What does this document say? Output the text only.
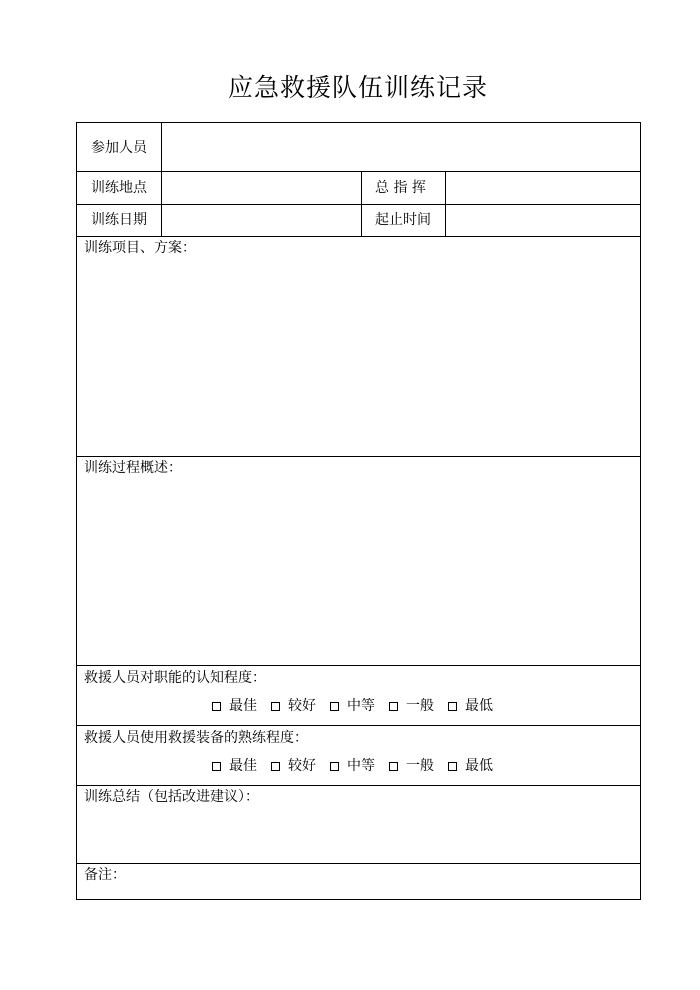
应急救援队伍训练记录
参加人员
训练地点	总 指 挥
训练日期	起止时间
训练项目、方案：
训练过程概述：
救援人员对职能的认知程度：
最佳 较好 中等 一般 最低
救援人员使用救援装备的熟练程度：
最佳 较好 中等 一般 最低
训练总结（包括改进建议）：
备注：
